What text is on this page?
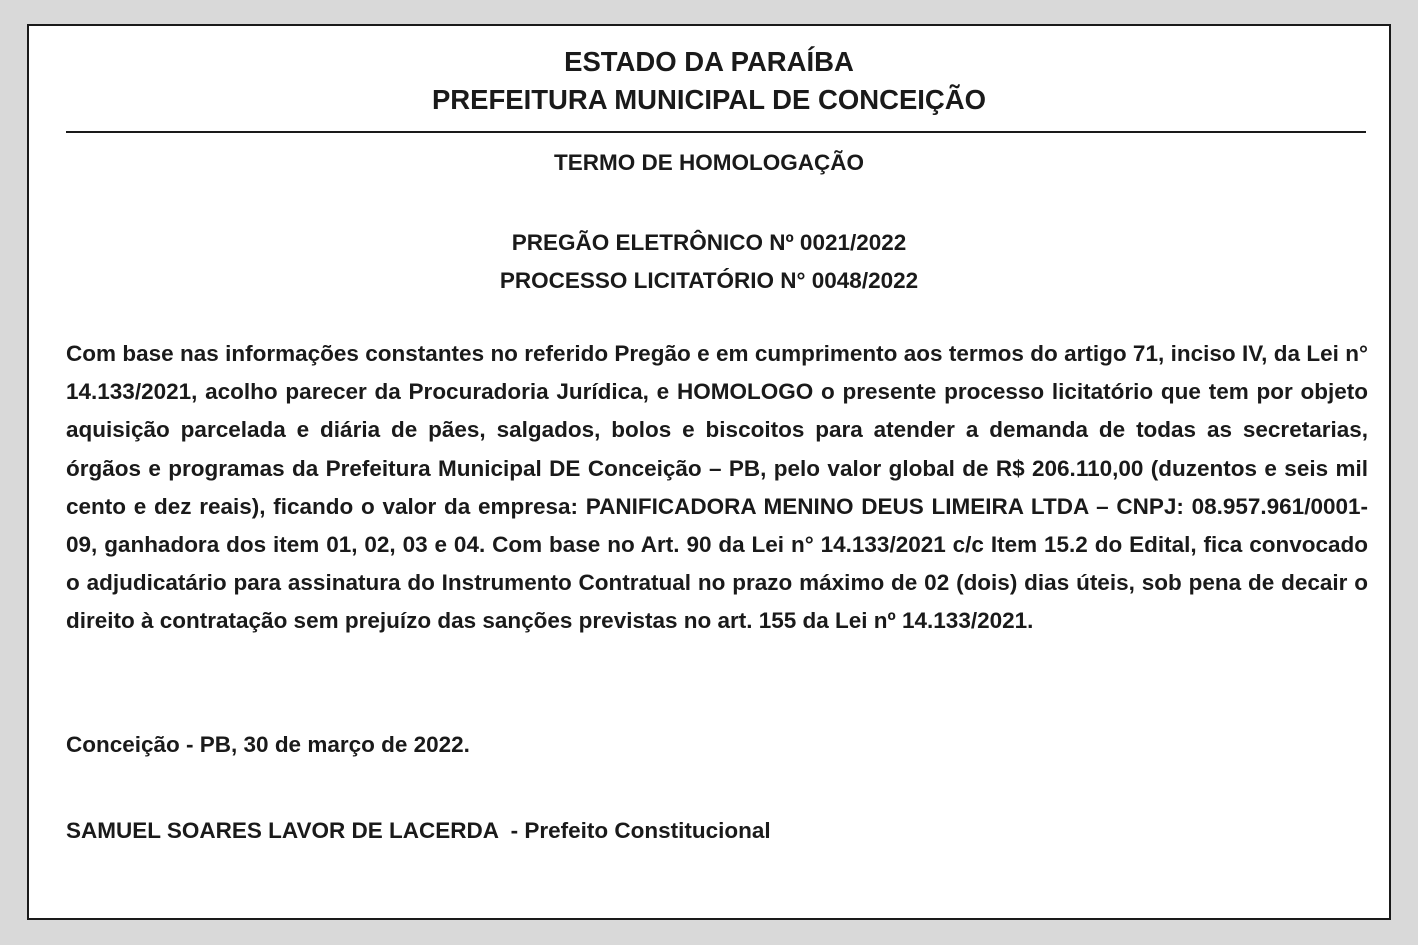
ESTADO DA PARAÍBA
PREFEITURA MUNICIPAL DE CONCEIÇÃO
TERMO DE HOMOLOGAÇÃO
PREGÃO ELETRÔNICO Nº 0021/2022
PROCESSO LICITATÓRIO N° 0048/2022

Com base nas informações constantes no referido Pregão e em cumprimento aos termos do artigo 71, inciso IV, da Lei n° 14.133/2021, acolho parecer da Procuradoria Jurídica, e HOMOLOGO o presente processo licitatório que tem por objeto aquisição parcelada e diária de pães, salgados, bolos e biscoitos para atender a demanda de todas as secretarias, órgãos e programas da Prefeitura Municipal DE Conceição – PB, pelo valor global de R$ 206.110,00 (duzentos e seis mil cento e dez reais), ficando o valor da empresa: PANIFICADORA MENINO DEUS LIMEIRA LTDA – CNPJ: 08.957.961/0001-09, ganhadora dos item 01, 02, 03 e 04. Com base no Art. 90 da Lei n° 14.133/2021 c/c Item 15.2 do Edital, fica convocado o adjudicatário para assinatura do Instrumento Contratual no prazo máximo de 02 (dois) dias úteis, sob pena de decair o direito à contratação sem prejuízo das sanções previstas no art. 155 da Lei nº 14.133/2021.

Conceição - PB, 30 de março de 2022.
SAMUEL SOARES LAVOR DE LACERDA  - Prefeito Constitucional
